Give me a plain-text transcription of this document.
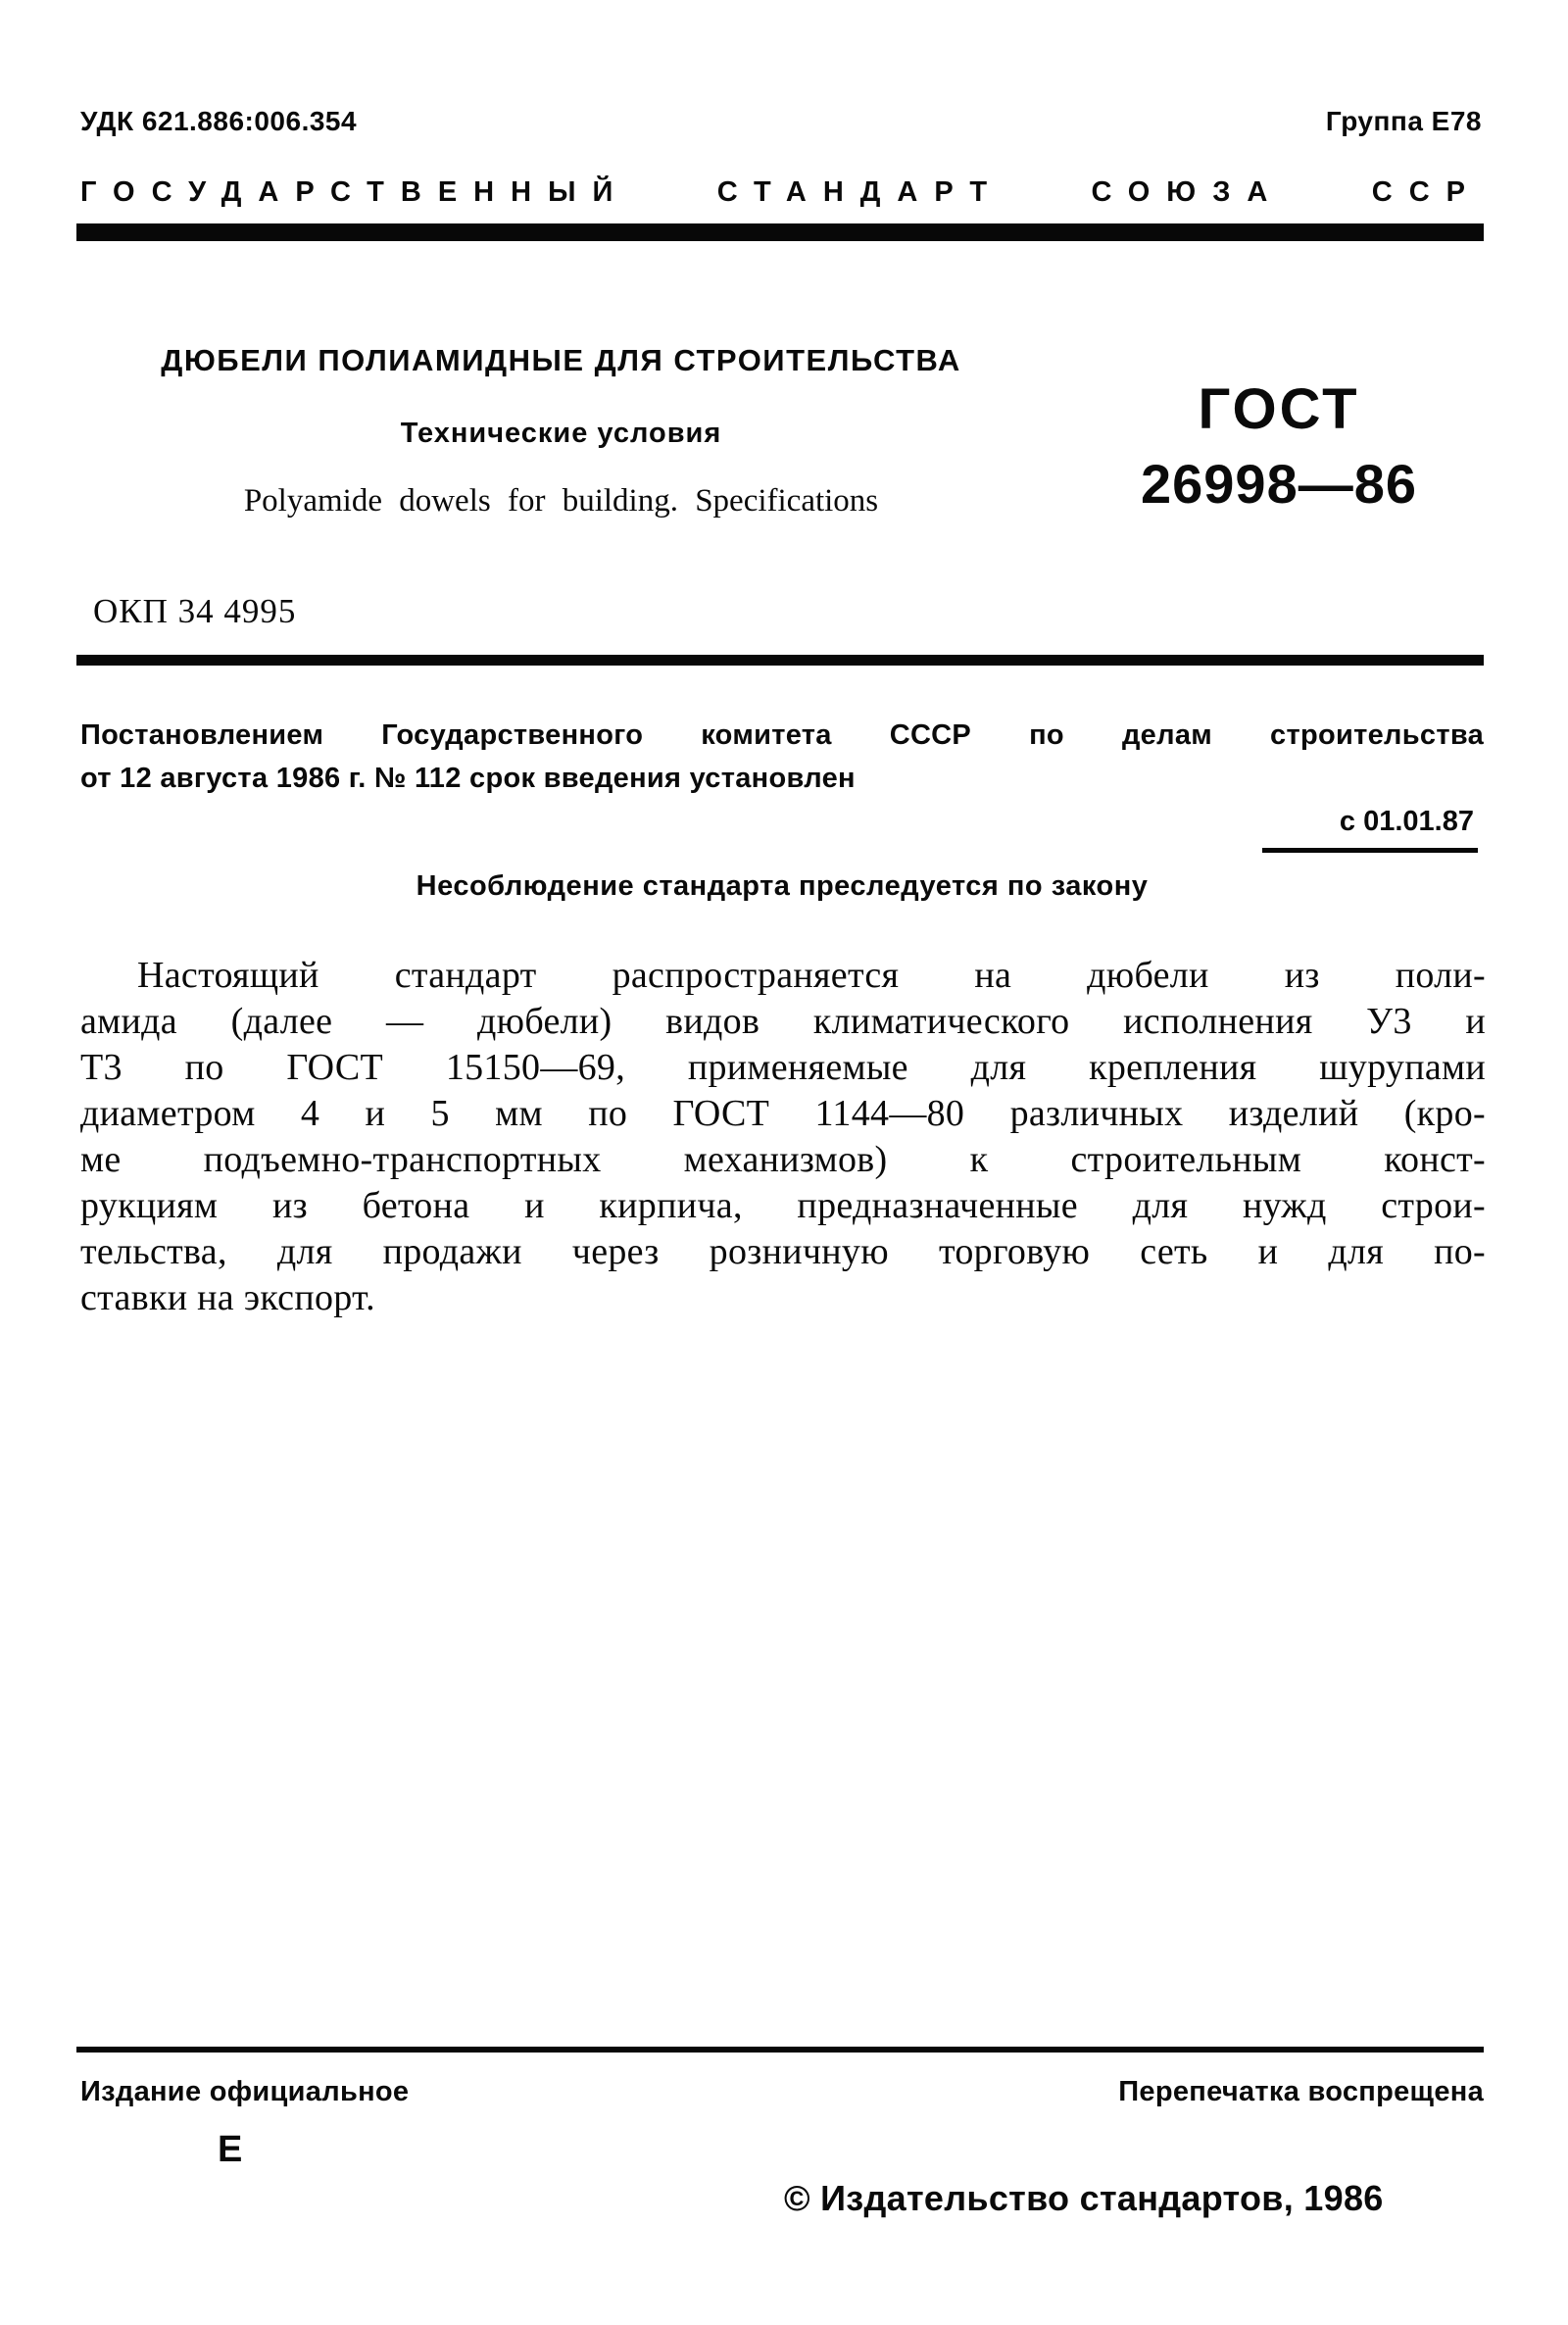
УДК 621.886:006.354	Группа Е78
ГОСУДАРСТВЕННЫЙ СТАНДАРТ СОЮЗА ССР
ДЮБЕЛИ ПОЛИАМИДНЫЕ ДЛЯ СТРОИТЕЛЬСТВА
Технические условия
Polyamide dowels for building. Specifications
ГОСТ
26998—86
ОКП 34 4995
Постановлением Государственного комитета СССР по делам строительства
от 12 августа 1986 г. № 112 срок введения установлен
с 01.01.87
Несоблюдение стандарта преследуется по закону
Настоящий стандарт распространяется на дюбели из поли-
амида (далее — дюбели) видов климатического исполнения У3 и
Т3 по ГОСТ 15150—69, применяемые для крепления шурупами
диаметром 4 и 5 мм по ГОСТ 1144—80 различных изделий (кро-
ме подъемно-транспортных механизмов) к строительным конст-
рукциям из бетона и кирпича, предназначенные для нужд строи-
тельства, для продажи через розничную торговую сеть и для по-
ставки на экспорт.
Издание официальное	Перепечатка воспрещена
Е
© Издательство стандартов, 1986
